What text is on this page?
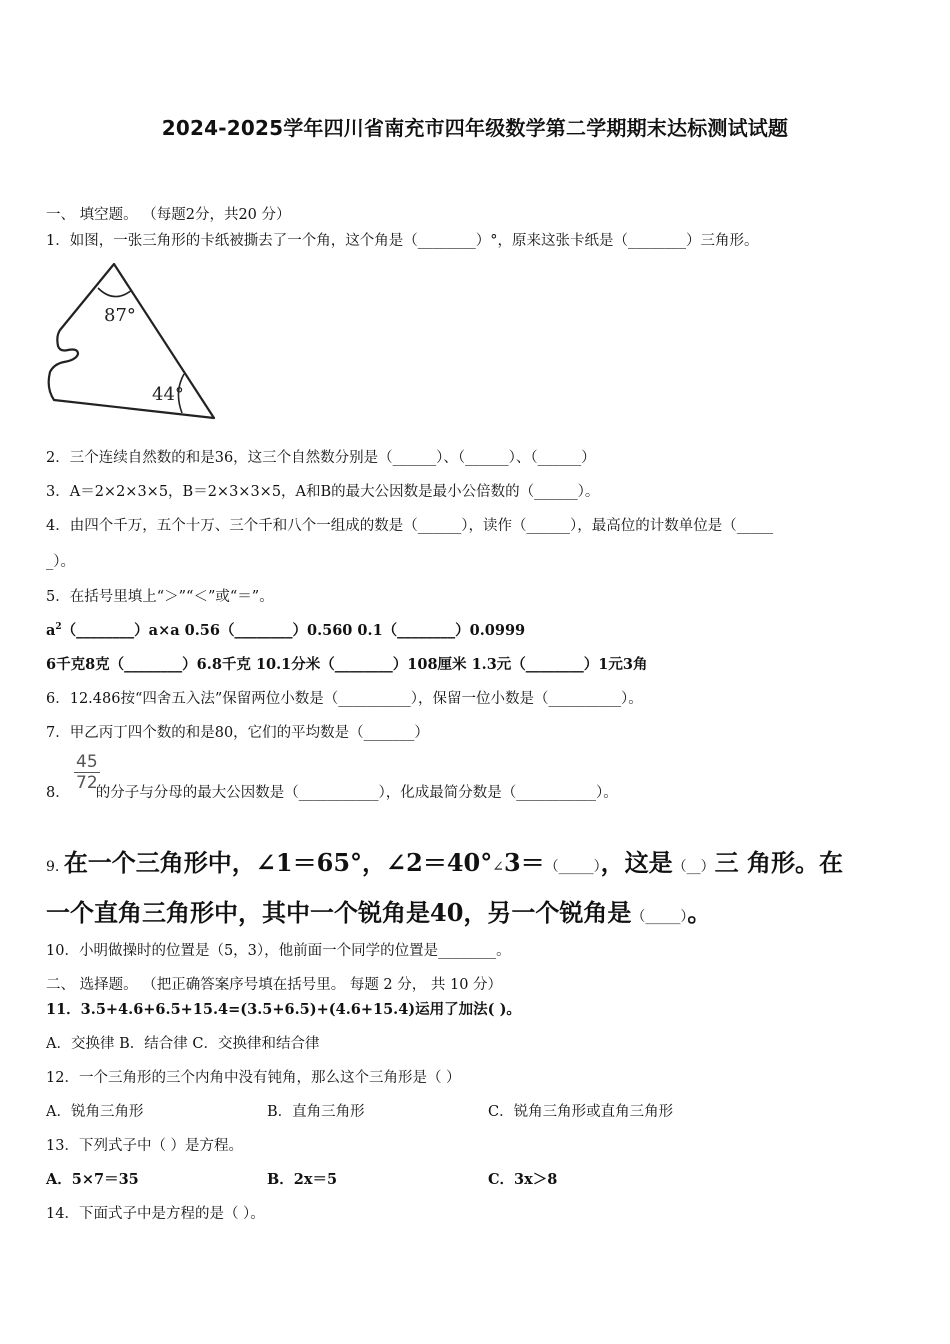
2024-2025学年四川省南充市四年级数学第二学期期末达标测试试题
一、 填空题。 （每题2分，共20 分）
1．如图，一张三角形的卡纸被撕去了一个角，这个角是（________）°，原来这张卡纸是（________）三角形。
87°
44°
2．三个连续自然数的和是36，这三个自然数分别是（______）、（______）、（______）
3．A＝2×2×3×5，B＝2×3×3×5，A和B的最大公因数是最小公倍数的（______）。
4．由四个千万，五个十万、三个千和八个一组成的数是（______），读作（______），最高位的计数单位是（_____
_）。
5．在括号里填上“＞”“＜”或“＝”。
$a^2(\_\_\_\_\_\_\_\_)a\times a$ 0.56（________）0.560 0.1（________）0.0999
6千克8克（________）6.8千克 10.1分米（________）108厘米 1.3元（________）1元3角
6．12.486按“四舍五入法”保留两位小数是（__________），保留一位小数是（__________）。
7．甲乙丙丁四个数的和是80，它们的平均数是（_______）
$\frac{45}{72}$
8． 的分子与分母的最大公因数是（___________），化成最简分数是（___________）。
9. 在一个三角形中，∠1＝65°，∠2＝40°∠3＝（_____），这是（__）三 角形。在
一个直角三角形中，其中一个锐角是40，另一个锐角是（_____）。
10．小明做操时的位置是（5，3），他前面一个同学的位置是________。
二、 选择题。 （把正确答案序号填在括号里。 每题 2 分， 共 10 分）
11．3.5+4.6+6.5+15.4=(3.5+6.5)+(4.6+15.4)运用了加法( )。
A．交换律 B．结合律 C．交换律和结合律
12．一个三角形的三个内角中没有钝角，那么这个三角形是（ ）
A．锐角三角形	B．直角三角形	C．锐角三角形或直角三角形
13．下列式子中（ ）是方程。
A．5×7＝35	B．2x＝5	C．3x＞8
14．下面式子中是方程的是（ ）。
